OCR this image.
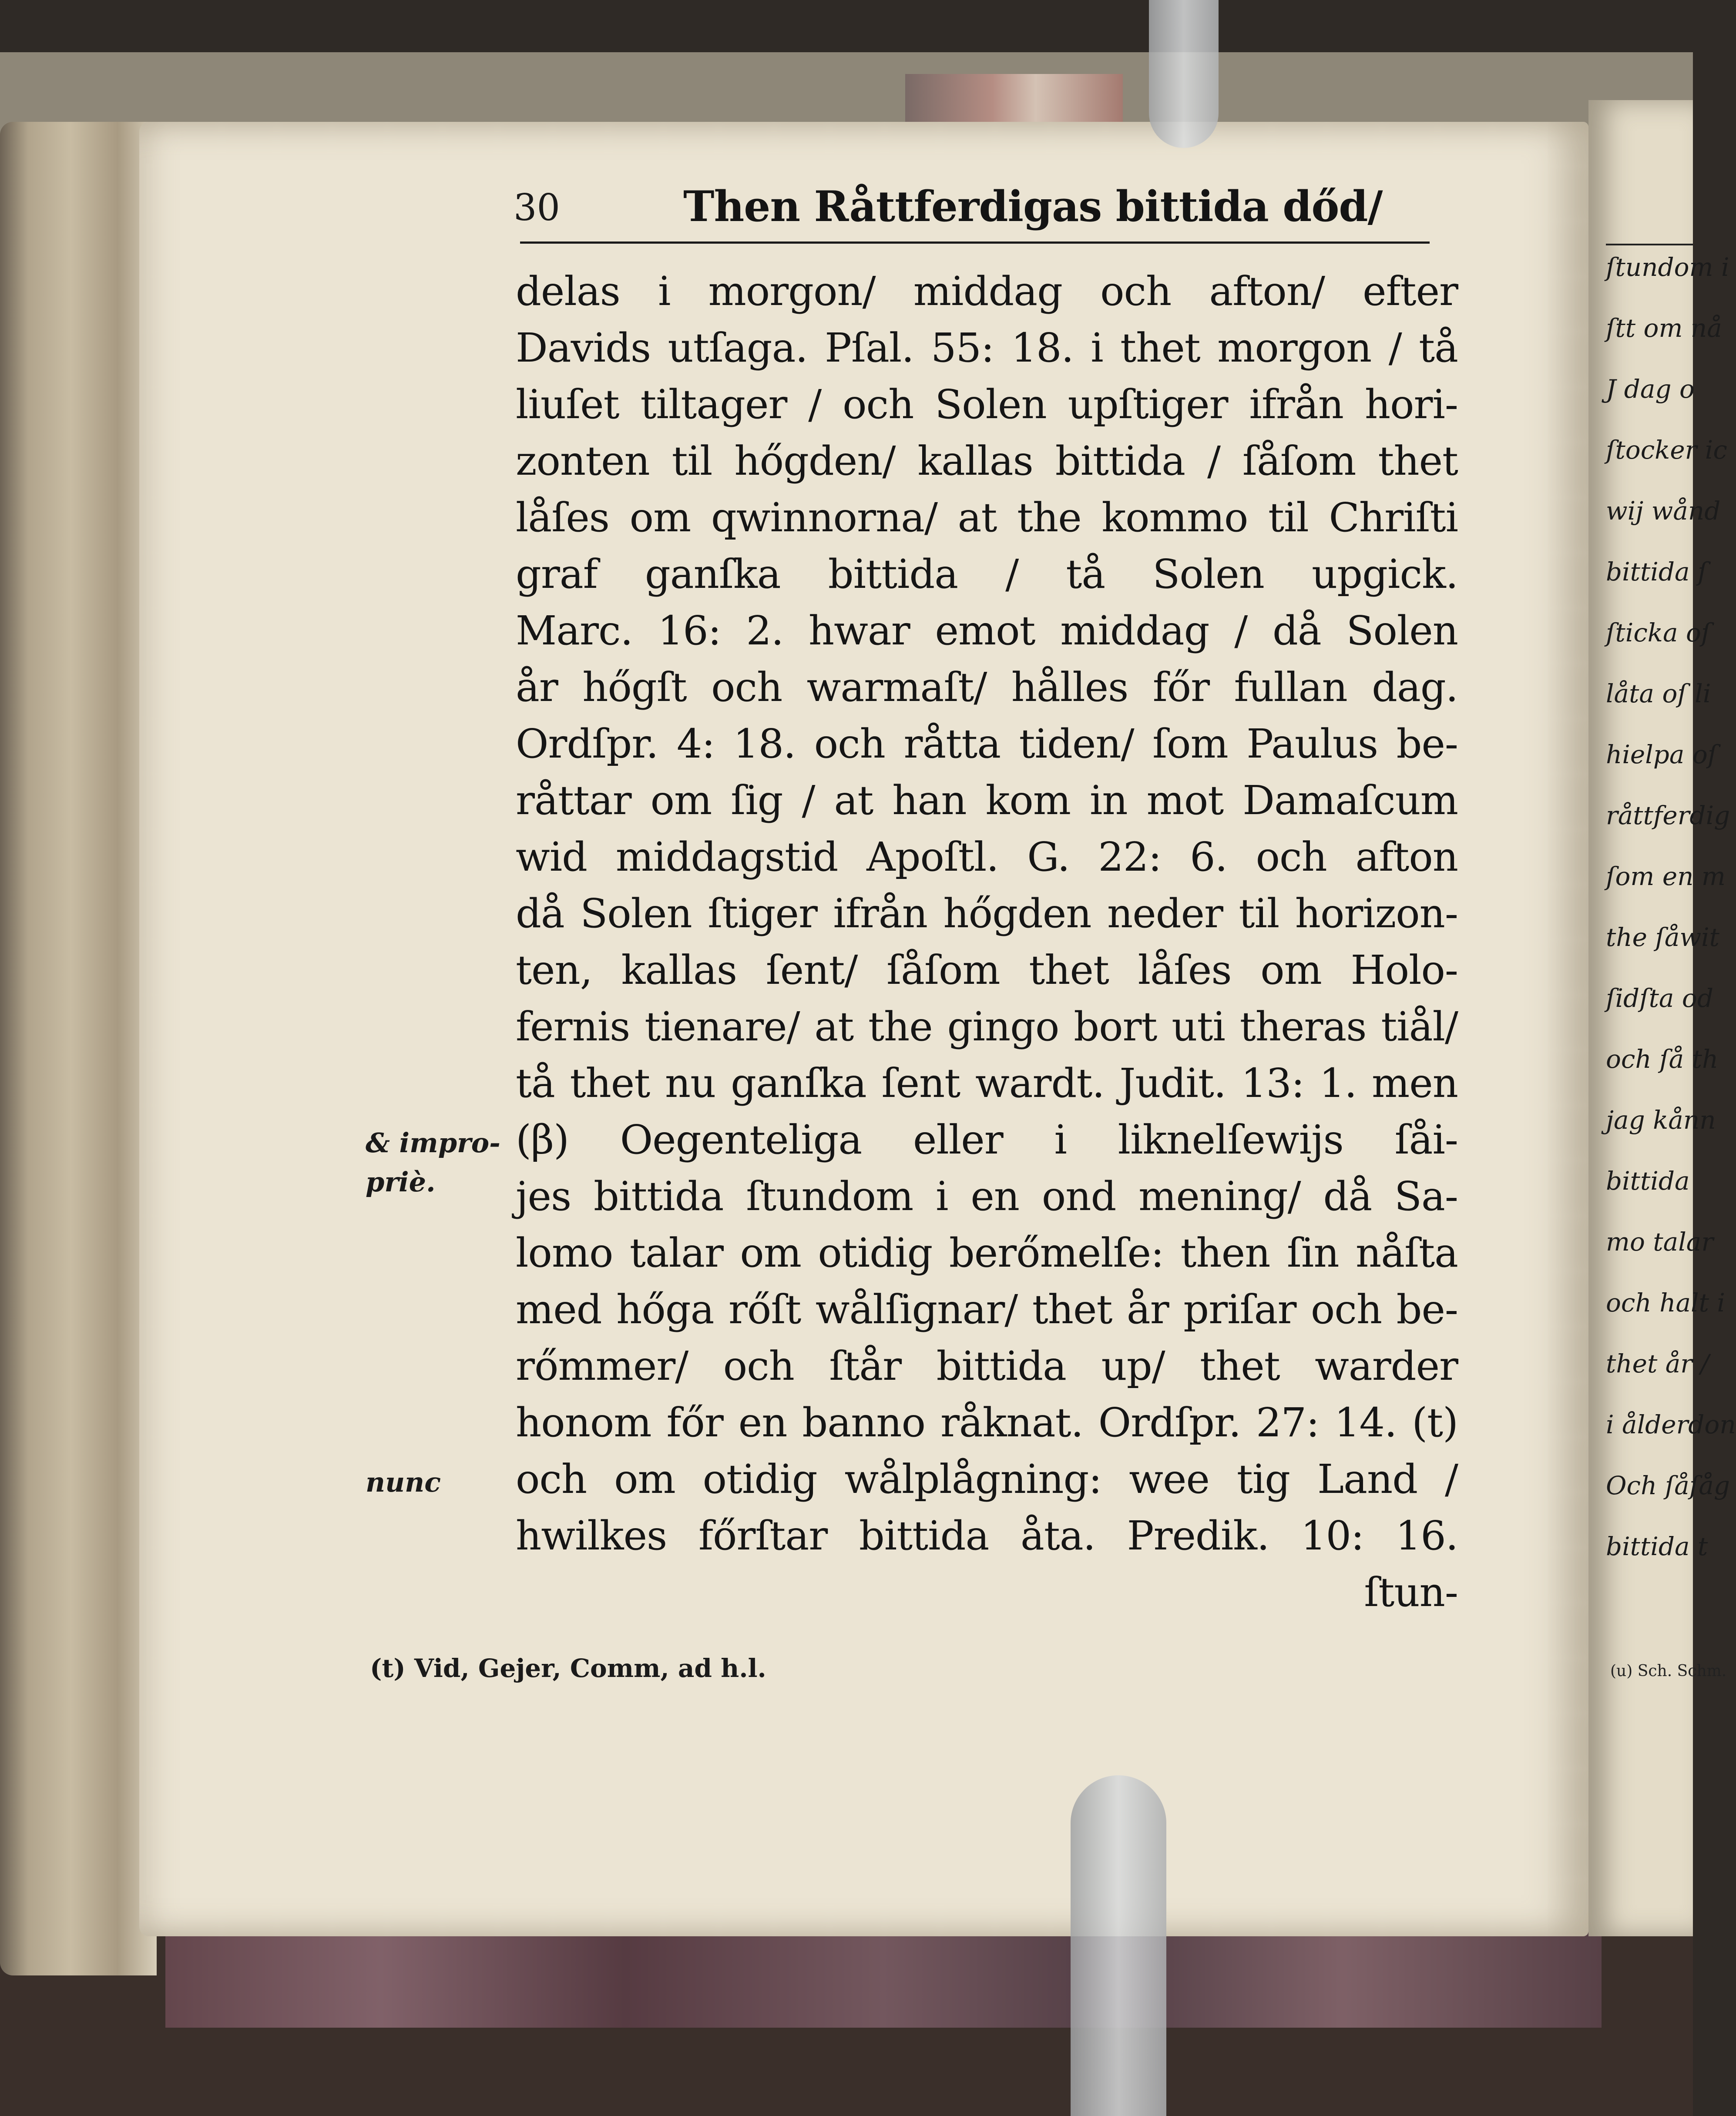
30	Then Råttferdigas bittida dőd/
delas i morgon/ middag och afton/ efter
Davids utſaga. Pſal. 55: 18. i thet morgon / tå
liuſet tiltager / och Solen upſtiger ifrån hori-
zonten til hőgden/ kallas bittida / ſåſom thet
låſes om qwinnorna/ at the kommo til Chriſti
graf ganſka bittida / tå Solen upgick.
Marc. 16: 2. hwar emot middag / då Solen
år hőgſt och warmaſt/ hålles főr fullan dag.
Ordſpr. 4: 18. och råtta tiden/ ſom Paulus be-
råttar om ſig / at han kom in mot Damaſcum
wid middagstid Apoſtl. G. 22: 6. och afton
då Solen ſtiger ifrån hőgden neder til horizon-
ten, kallas ſent/ ſåſom thet låſes om Holo-
fernis tienare/ at the gingo bort uti theras tiål/
tå thet nu ganſka ſent wardt. Judit. 13: 1. men
(β) Oegenteliga eller i liknelſewijs ſåi-
jes bittida ſtundom i en ond mening/ då Sa-
lomo talar om otidig berőmelſe: then ſin nåſta
med hőga rőſt wålſignar/ thet år priſar och be-
rőmmer/ och ſtår bittida up/ thet warder
honom főr en banno råknat. Ordſpr. 27: 14. (t)
och om otidig wålplågning: wee tig Land /
hwilkes főrſtar bittida åta. Predik. 10: 16.
ſtun-
& impro-
priè.
nunc
(t) Vid, Gejer, Comm, ad h.l.
ſtundom i
ſtt om nå
J dag o
ſtocker ic
wij wånd
bittida ſ
ſticka oſ
låta oſ li
hielpa oſ
råttferdig
ſom en m
the ſåwit
ſidſta od
och ſå th
jag kånn
bittida
mo talar
och halt i
thet år /
i ålderdon
Och ſåſåg
bittida t
(u) Sch. Schm.
